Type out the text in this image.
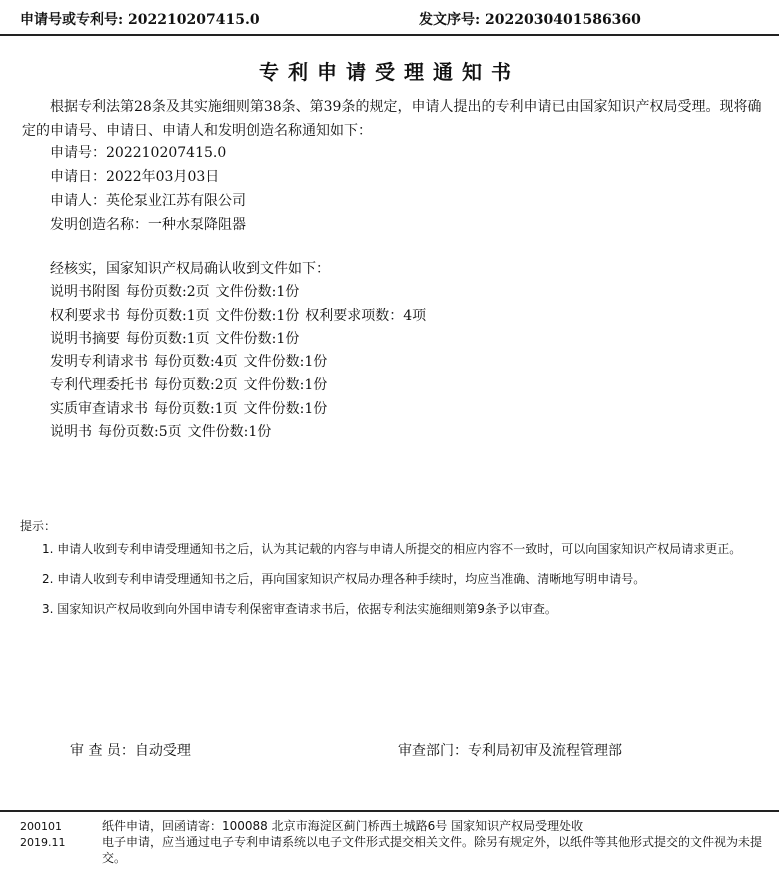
申请号或专利号: 202210207415.0	发文序号: 2022030401586360
专利申请受理通知书

根据专利法第28条及其实施细则第38条、第39条的规定，申请人提出的专利申请已由国家知识产权局受理。现将确定的申请号、申请日、申请人和发明创造名称通知如下：

申请号：202210207415.0
申请日：2022年03月03日
申请人：英伦泵业江苏有限公司
发明创造名称：一种水泵降阻器
经核实，国家知识产权局确认收到文件如下：
说明书附图 每份页数:2页 文件份数:1份
权利要求书 每份页数:1页 文件份数:1份 权利要求项数：4项
说明书摘要 每份页数:1页 文件份数:1份
发明专利请求书 每份页数:4页 文件份数:1份
专利代理委托书 每份页数:2页 文件份数:1份
实质审查请求书 每份页数:1页 文件份数:1份
说明书 每份页数:5页 文件份数:1份
提示：
1. 申请人收到专利申请受理通知书之后，认为其记载的内容与申请人所提交的相应内容不一致时，可以向国家知识产权局请求更正。
2. 申请人收到专利申请受理通知书之后，再向国家知识产权局办理各种手续时，均应当准确、清晰地写明申请号。
3. 国家知识产权局收到向外国申请专利保密审查请求书后，依据专利法实施细则第9条予以审查。
审 查 员：自动受理	审查部门：专利局初审及流程管理部
200101
2019.11
纸件申请，回函请寄：100088 北京市海淀区蓟门桥西土城路6号 国家知识产权局受理处收
电子申请，应当通过电子专利申请系统以电子文件形式提交相关文件。除另有规定外，以纸件等其他形式提交的文件视为未提交。
